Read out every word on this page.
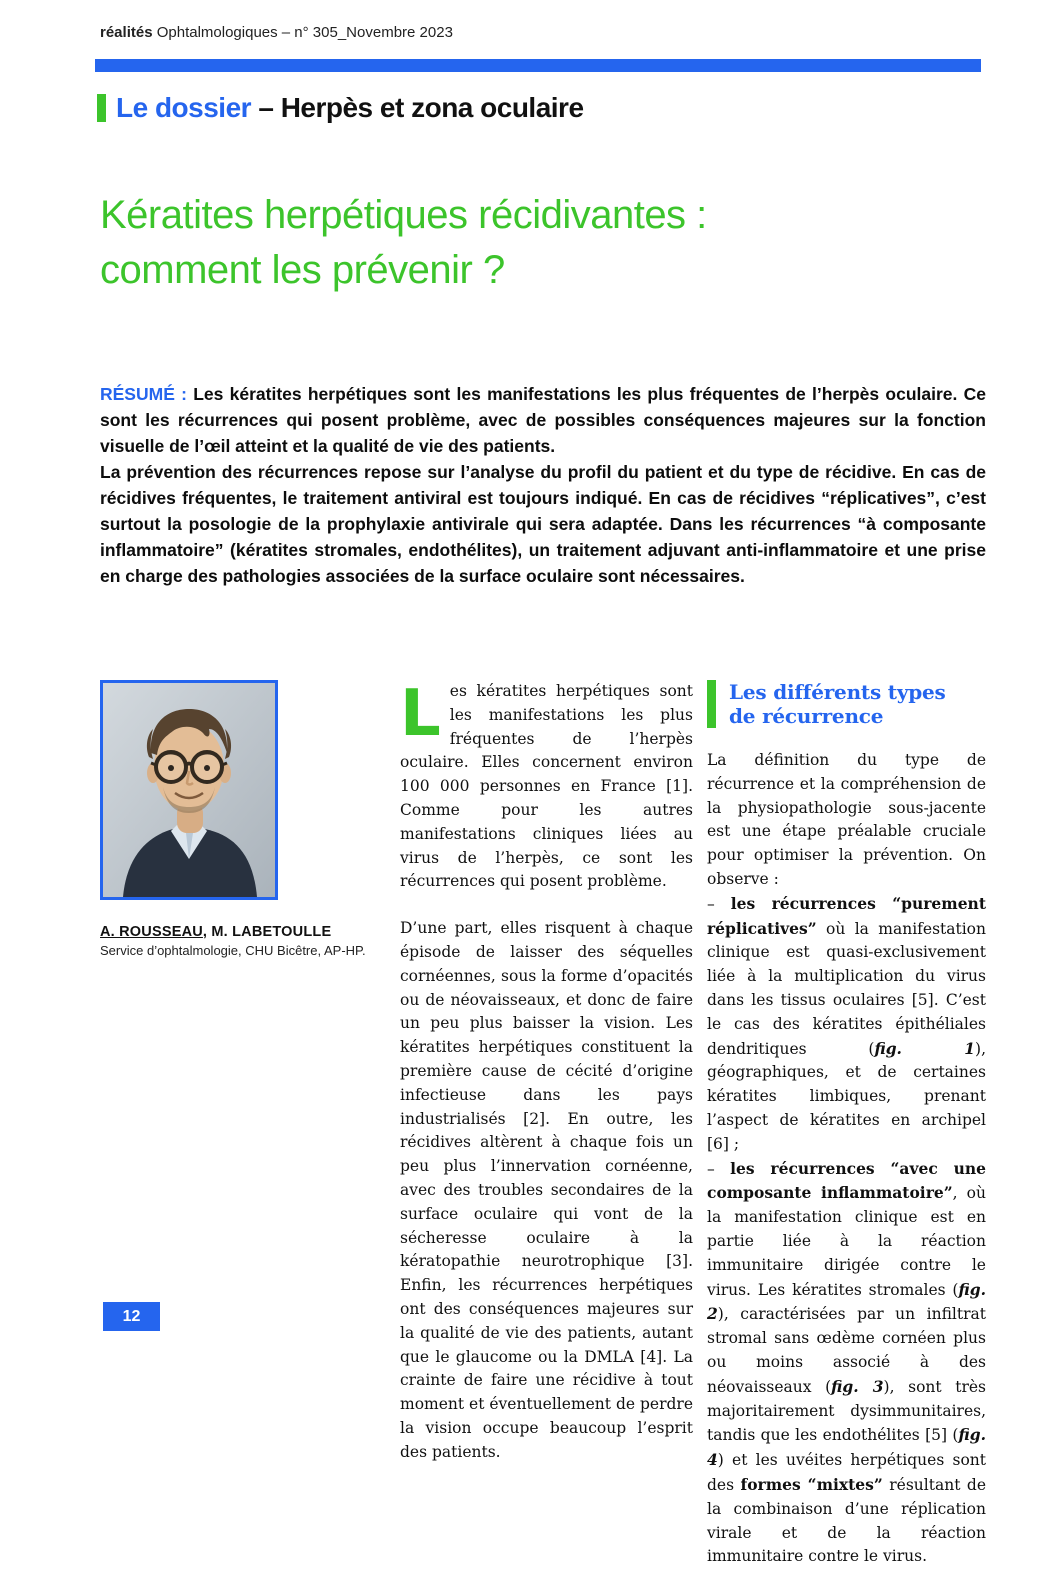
réalités Ophtalmologiques – n° 305_Novembre 2023
Le dossier – Herpès et zona oculaire
Kératites herpétiques récidivantes :
comment les prévenir ?

RÉSUMÉ : Les kératites herpétiques sont les manifestations les plus fréquentes de l’herpès oculaire. Ce sont les récurrences qui posent problème, avec de possibles conséquences majeures sur la fonction visuelle de l’œil atteint et la qualité de vie des patients.

La prévention des récurrences repose sur l’analyse du profil du patient et du type de récidive. En cas de récidives fréquentes, le traitement antiviral est toujours indiqué. En cas de récidives “réplicatives”, c’est surtout la posologie de la prophylaxie antivirale qui sera adaptée. Dans les récurrences “à composante inflammatoire” (kératites stromales, endothélites), un traitement adjuvant anti-inflammatoire et une prise en charge des pathologies associées de la surface oculaire sont nécessaires.

A. ROUSSEAU, M. LABETOULLE
Service d’ophtalmologie, CHU Bicêtre, AP-HP.

Les kératites herpétiques sont les manifestations les plus fréquentes de l’herpès oculaire. Elles concernent environ 100 000 personnes en France [1]. Comme pour les autres manifestations cliniques liées au virus de l’herpès, ce sont les récurrences qui posent problème.

D’une part, elles risquent à chaque épisode de laisser des séquelles cornéennes, sous la forme d’opacités ou de néovaisseaux, et donc de faire un peu plus baisser la vision. Les kératites herpétiques constituent la première cause de cécité d’origine infectieuse dans les pays industrialisés [2]. En outre, les récidives altèrent à chaque fois un peu plus l’innervation cornéenne, avec des troubles secondaires de la surface oculaire qui vont de la sécheresse oculaire à la kératopathie neurotrophique [3]. Enfin, les récurrences herpétiques ont des conséquences majeures sur la qualité de vie des patients, autant que le glaucome ou la DMLA [4]. La crainte de faire une récidive à tout moment et éventuellement de perdre la vision occupe beaucoup l’esprit des patients.

Les différents types
de récurrence

La définition du type de récurrence et la compréhension de la physiopathologie sous-jacente est une étape préalable cruciale pour optimiser la prévention. On observe :

– les récurrences “purement réplicatives” où la manifestation clinique est quasi-exclusivement liée à la multiplication du virus dans les tissus oculaires [5]. C’est le cas des kératites épithéliales dendritiques (fig. 1), géographiques, et de certaines kératites limbiques, prenant l’aspect de kératites en archipel [6] ;

– les récurrences “avec une composante inflammatoire”, où la manifestation clinique est en partie liée à la réaction immunitaire dirigée contre le virus. Les kératites stromales (fig. 2), caractérisées par un infiltrat stromal sans œdème cornéen plus ou moins associé à des néovaisseaux (fig. 3), sont très majoritairement dysimmunitaires, tandis que les endothélites [5] (fig. 4) et les uvéites herpétiques sont des formes “mixtes” résultant de la combinaison d’une réplication virale et de la réaction immunitaire contre le virus.

12
